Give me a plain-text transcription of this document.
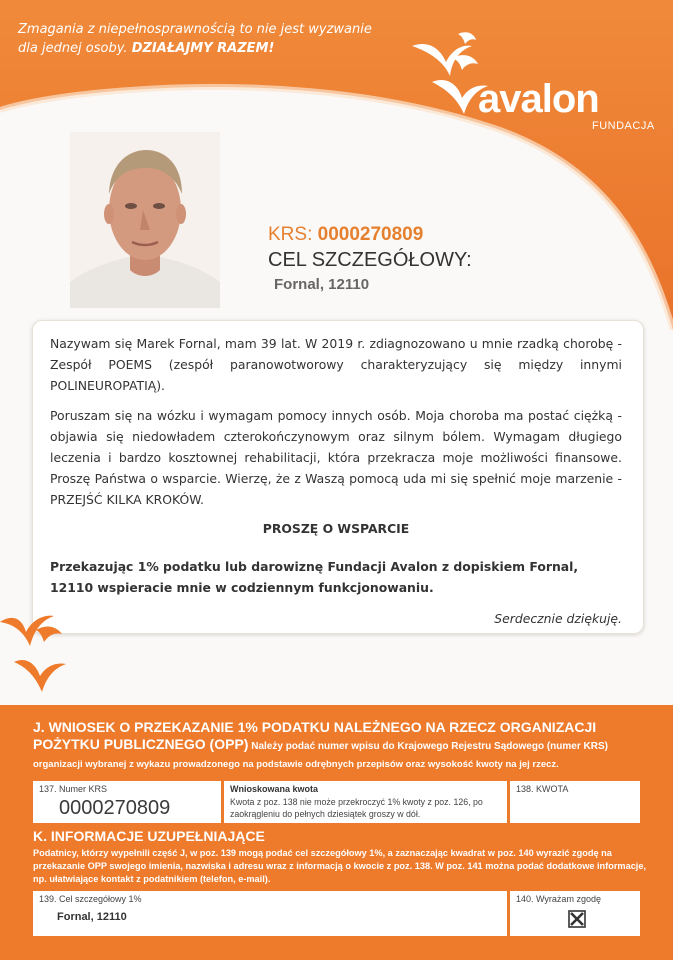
Zmagania z niepełnosprawnością to nie jest wyzwanie
dla jednej osoby. DZIAŁAJMY RAZEM!
avalon
FUNDACJA
KRS: 0000270809
CEL SZCZEGÓŁOWY:
Fornal, 12110
Nazywam się Marek Fornal, mam 39 lat. W 2019 r. zdiagnozowano u mnie rzadką chorobę - Zespół POEMS (zespół paranowotworowy charakteryzujący się między innymi POLINEUROPATIĄ).
Poruszam się na wózku i wymagam pomocy innych osób. Moja choroba ma postać ciężką - objawia się niedowładem czterokończynowym oraz silnym bólem. Wymagam długiego leczenia i bardzo kosztownej rehabilitacji, która przekracza moje możliwości finansowe. Proszę Państwa o wsparcie. Wierzę, że z Waszą pomocą uda mi się spełnić moje marzenie - PRZEJŚĆ KILKA KROKÓW.
PROSZĘ O WSPARCIE
Przekazując 1% podatku lub darowiznę Fundacji Avalon z dopiskiem Fornal, 12110 wspieracie mnie w codziennym funkcjonowaniu.
Serdecznie dziękuję.
J. WNIOSEK O PRZEKAZANIE 1% PODATKU NALEŻNEGO NA RZECZ ORGANIZACJI POŻYTKU PUBLICZNEGO (OPP) Należy podać numer wpisu do Krajowego Rejestru Sądowego (numer KRS)
organizacji wybranej z wykazu prowadzonego na podstawie odrębnych przepisów oraz wysokość kwoty na jej rzecz.
137. Numer KRS
0000270809
Wnioskowana kwota
Kwota z poz. 138 nie może przekroczyć 1% kwoty z poz. 126, po zaokrągleniu do pełnych dziesiątek groszy w dół.
138. KWOTA
K. INFORMACJE UZUPEŁNIAJĄCE
Podatnicy, którzy wypełnili część J, w poz. 139 mogą podać cel szczegółowy 1%, a zaznaczając kwadrat w poz. 140 wyrazić zgodę na przekazanie OPP swojego imienia, nazwiska i adresu wraz z informacją o kwocie z poz. 138. W poz. 141 można podać dodatkowe informacje, np. ułatwiające kontakt z podatnikiem (telefon, e-mail).
139. Cel szczegółowy 1%
Fornal, 12110
140. Wyrażam zgodę
